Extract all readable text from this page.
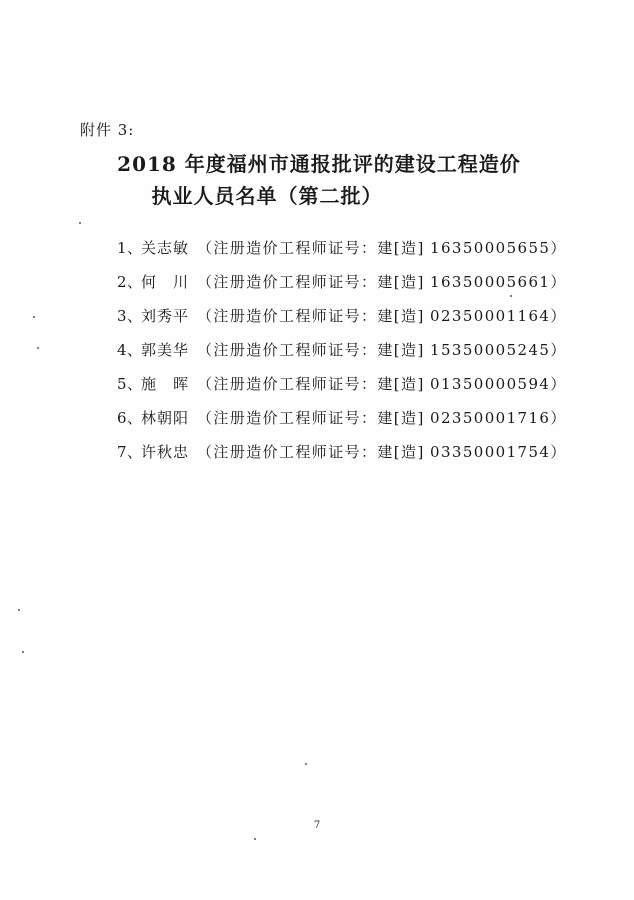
附件 3:
2018 年度福州市通报批评的建设工程造价
执业人员名单（第二批）
1、关志敏 （注册造价工程师证号：建[造] 16350005655）
2、何　川 （注册造价工程师证号：建[造] 16350005661）
3、刘秀平 （注册造价工程师证号：建[造] 02350001164）
4、郭美华 （注册造价工程师证号：建[造] 15350005245）
5、施　晖 （注册造价工程师证号：建[造] 01350000594）
6、林朝阳 （注册造价工程师证号：建[造] 02350001716）
7、许秋忠 （注册造价工程师证号：建[造] 03350001754）
7
